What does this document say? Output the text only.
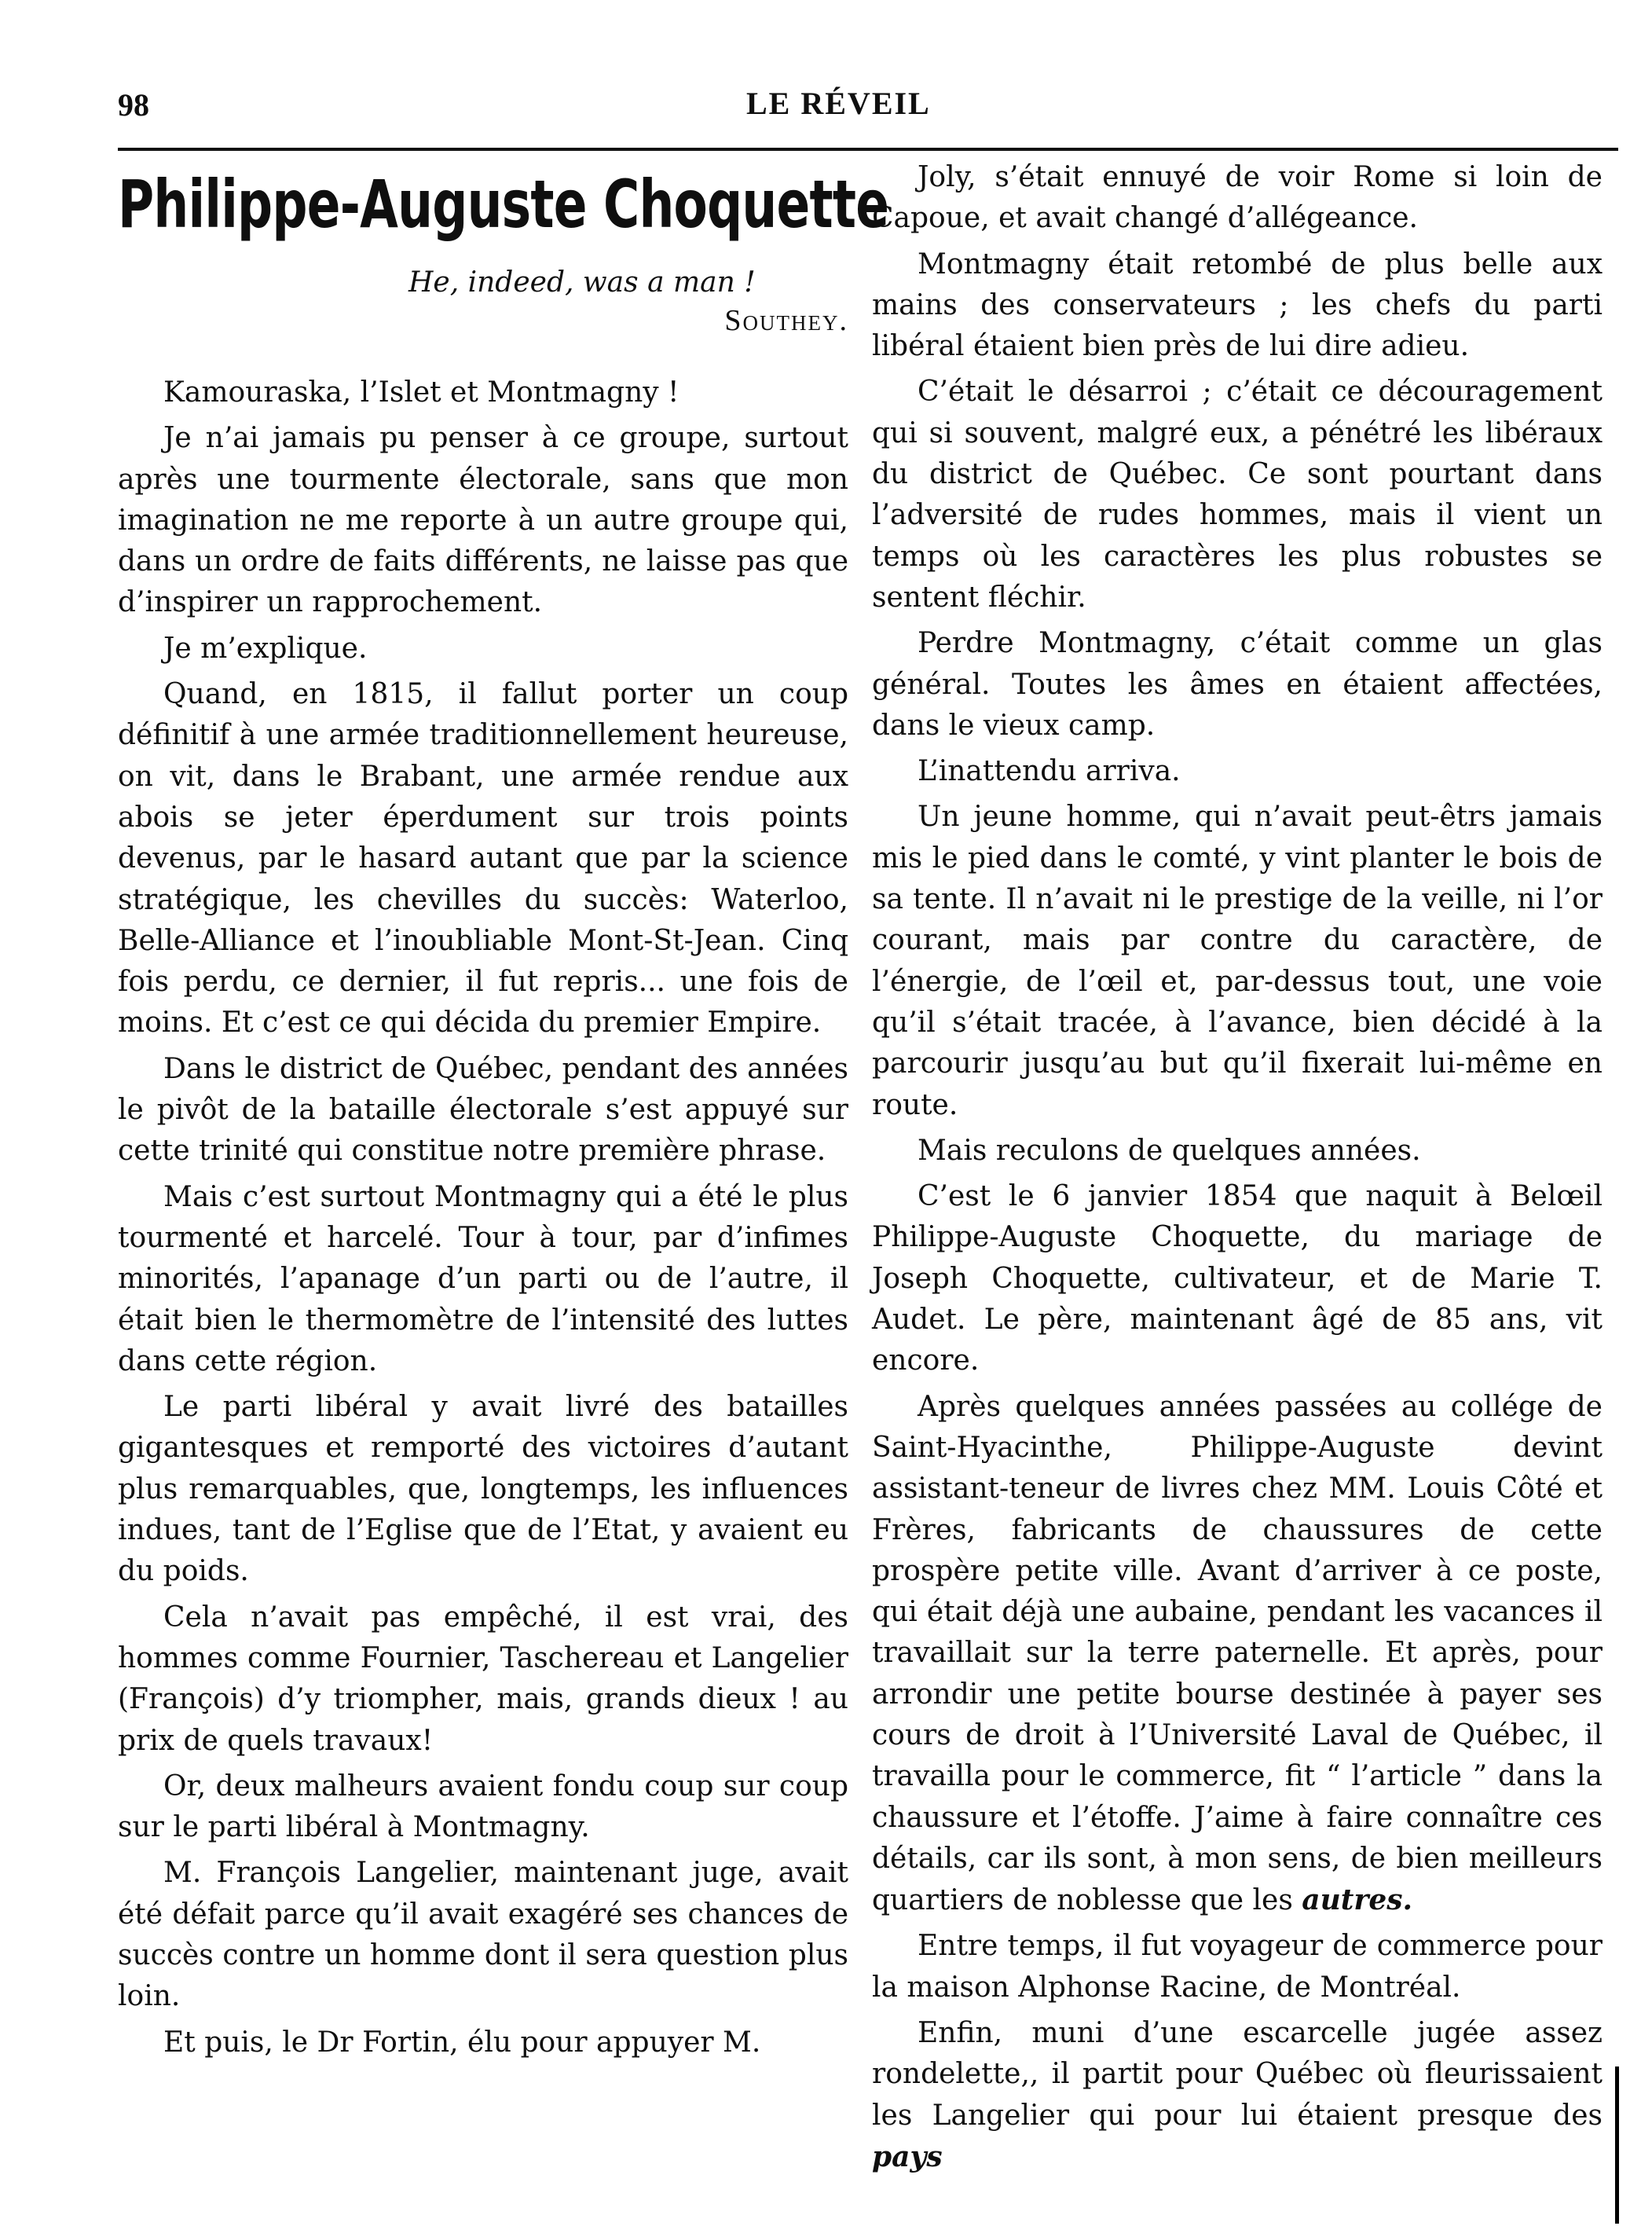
98	LE RÉVEIL
Philippe-Auguste Choquette
He, indeed, was a man !
Southey.

Kamouraska, l’Islet et Montmagny !

Je n’ai jamais pu penser à ce groupe, surtout après une tourmente électorale, sans que mon imagination ne me reporte à un autre groupe qui, dans un ordre de faits différents, ne laisse pas que d’inspirer un rapprochement.

Je m’explique.

Quand, en 1815, il fallut porter un coup définitif à une armée traditionnellement heureuse, on vit, dans le Brabant, une armée rendue aux abois se jeter éperdument sur trois points devenus, par le hasard autant que par la science stratégique, les chevilles du succès: Waterloo, Belle-Alliance et l’inoubliable Mont-St-Jean. Cinq fois perdu, ce dernier, il fut repris... une fois de moins. Et c’est ce qui décida du premier Empire.

Dans le district de Québec, pendant des années le pivôt de la bataille électorale s’est appuyé sur cette trinité qui constitue notre première phrase.

Mais c’est surtout Montmagny qui a été le plus tourmenté et harcelé. Tour à tour, par d’infimes minorités, l’apanage d’un parti ou de l’autre, il était bien le thermomètre de l’intensité des luttes dans cette région.

Le parti libéral y avait livré des batailles gigantesques et remporté des victoires d’autant plus remarquables, que, longtemps, les influences indues, tant de l’Eglise que de l’Etat, y avaient eu du poids.

Cela n’avait pas empêché, il est vrai, des hommes comme Fournier, Taschereau et Langelier (François) d’y triompher, mais, grands dieux ! au prix de quels travaux!

Or, deux malheurs avaient fondu coup sur coup sur le parti libéral à Montmagny.

M. François Langelier, maintenant juge, avait été défait parce qu’il avait exagéré ses chances de succès contre un homme dont il sera question plus loin.

Et puis, le Dr Fortin, élu pour appuyer M.

Joly, s’était ennuyé de voir Rome si loin de Capoue, et avait changé d’allégeance.

Montmagny était retombé de plus belle aux mains des conservateurs ; les chefs du parti libéral étaient bien près de lui dire adieu.

C’était le désarroi ; c’était ce découragement qui si souvent, malgré eux, a pénétré les libéraux du district de Québec. Ce sont pourtant dans l’adversité de rudes hommes, mais il vient un temps où les caractères les plus robustes se sentent fléchir.

Perdre Montmagny, c’était comme un glas général. Toutes les âmes en étaient affectées, dans le vieux camp.

L’inattendu arriva.

Un jeune homme, qui n’avait peut-êtrs jamais mis le pied dans le comté, y vint planter le bois de sa tente. Il n’avait ni le prestige de la veille, ni l’or courant, mais par contre du caractère, de l’énergie, de l’œil et, par-dessus tout, une voie qu’il s’était tracée, à l’avance, bien décidé à la parcourir jusqu’au but qu’il fixerait lui-même en route.

Mais reculons de quelques années.

C’est le 6 janvier 1854 que naquit à Belœil Philippe-Auguste Choquette, du mariage de Joseph Choquette, cultivateur, et de Marie T. Audet. Le père, maintenant âgé de 85 ans, vit encore.

Après quelques années passées au collége de Saint-Hyacinthe, Philippe-Auguste devint assistant-teneur de livres chez MM. Louis Côté et Frères, fabricants de chaussures de cette prospère petite ville. Avant d’arriver à ce poste, qui était déjà une aubaine, pendant les vacances il travaillait sur la terre paternelle. Et après, pour arrondir une petite bourse destinée à payer ses cours de droit à l’Université Laval de Québec, il travailla pour le commerce, fit “ l’article ” dans la chaussure et l’étoffe. J’aime à faire connaître ces détails, car ils sont, à mon sens, de bien meilleurs quartiers de noblesse que les autres.

Entre temps, il fut voyageur de commerce pour la maison Alphonse Racine, de Montréal.

Enfin, muni d’une escarcelle jugée assez rondelette,, il partit pour Québec où fleurissaient les Langelier qui pour lui étaient presque des pays
